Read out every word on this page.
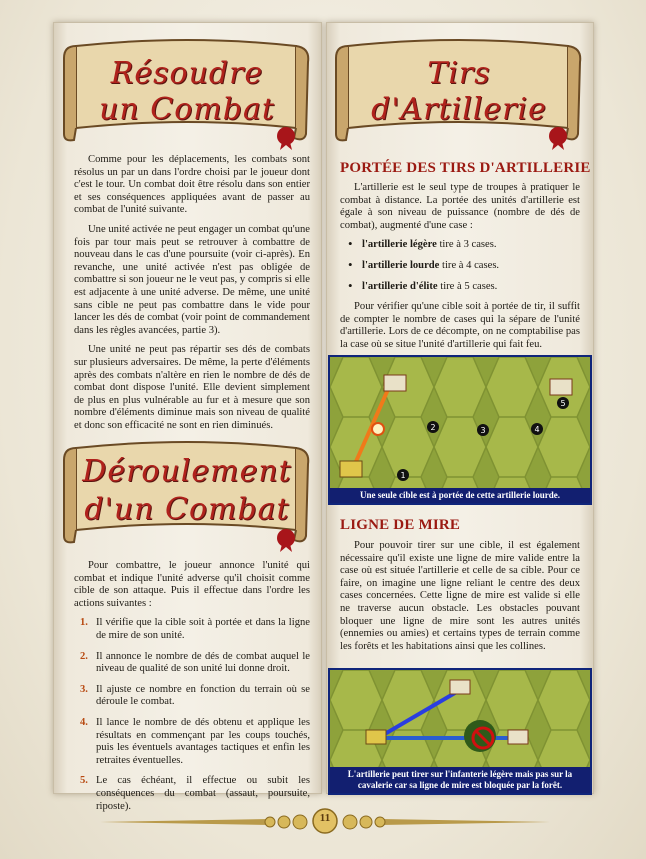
Résoudre
un Combat
Tirs
d'Artillerie

Comme pour les déplacements, les combats sont résolus un par un dans l'ordre choisi par le joueur dont c'est le tour. Un combat doit être résolu dans son entier et ses conséquences appliquées avant de passer au combat de l'unité suivante.

Une unité activée ne peut engager un combat qu'une fois par tour mais peut se retrouver à combattre de nouveau dans le cas d'une poursuite (voir ci-après). En revanche, une unité activée n'est pas obligée de combattre si son joueur ne le veut pas, y compris si elle est adjacente à une unité adverse. De même, une unité sans cible ne peut pas combattre dans le vide pour lancer les dés de combat (voir point de commandement dans les règles avancées, partie 3).

Une unité ne peut pas répartir ses dés de combats sur plusieurs adversaires. De même, la perte d'éléments après des combats n'altère en rien le nombre de dés de combat dont dispose l'unité. Elle devient simplement de plus en plus vulnérable au fur et à mesure que son nombre d'éléments diminue mais son niveau de qualité et donc son efficacité ne sont en rien diminués.

Déroulement
d'un Combat

Pour combattre, le joueur annonce l'unité qui combat et indique l'unité adverse qu'il choisit comme cible de son attaque. Puis il effectue dans l'ordre les actions suivantes :

1. Il vérifie que la cible soit à portée et dans la ligne de mire de son unité.
2. Il annonce le nombre de dés de combat auquel le niveau de qualité de son unité lui donne droit.
3. Il ajuste ce nombre en fonction du terrain où se déroule le combat.
4. Il lance le nombre de dés obtenu et applique les résultats en commençant par les coups touchés, puis les éventuels avantages tactiques et enfin les retraites éventuelles.
5. Le cas échéant, il effectue ou subit les conséquences du combat (assaut, poursuite, riposte).
PORTÉE DES TIRS D'ARTILLERIE

L'artillerie est le seul type de troupes à pratiquer le combat à distance. La portée des unités d'artillerie est égale à son niveau de puissance (nombre de dés de combat), augmenté d'une case :

• l'artillerie légère tire à 3 cases.
• l'artillerie lourde tire à 4 cases.
• l'artillerie d'élite tire à 5 cases.

Pour vérifier qu'une cible soit à portée de tir, il suffit de compter le nombre de cases qui la sépare de l'unité d'artillerie. Lors de ce décompte, on ne comptabilise pas la case où se situe l'unité d'artillerie qui fait feu.

1
2	3	4
5
Une seule cible est à portée de cette artillerie lourde.
LIGNE DE MIRE

Pour pouvoir tirer sur une cible, il est également nécessaire qu'il existe une ligne de mire valide entre la case où est située l'artillerie et celle de sa cible. Pour ce faire, on imagine une ligne reliant le centre des deux cases concernées. Cette ligne de mire est valide si elle ne traverse aucun obstacle. Les obstacles pouvant bloquer une ligne de mire sont les autres unités (ennemies ou amies) et certains types de terrain comme les forêts et les habitations ainsi que les collines.

L'artillerie peut tirer sur l'infanterie légère mais pas sur la cavalerie car sa ligne de mire est bloquée par la forêt.
11
